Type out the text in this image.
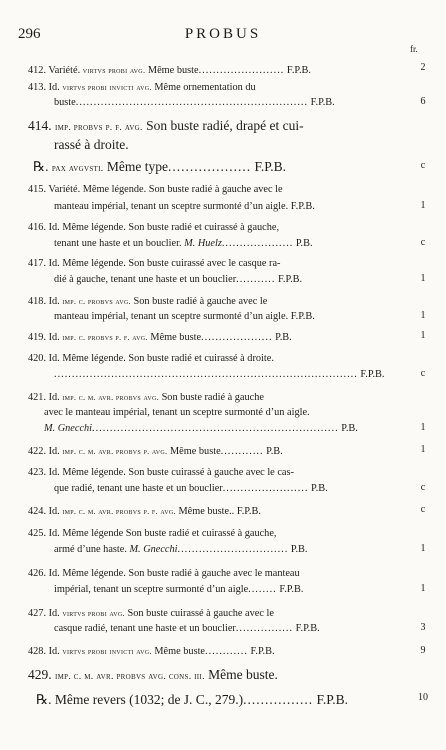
296	PROBUS
fr.
412. Variété. virtvs probi avg. Même buste........................ F.P.B.	2
413. Id. virtvs probi invicti avg. Même ornementation du
buste................................................................. F.P.B.	6
414. imp. probvs p. f. avg. Son buste radié, drapé et cui-
rassé à droite.
℞. pax avgvsti. Même type................... F.P.B.	c
415. Variété. Même légende. Son buste radié à gauche avec le
manteau impérial, tenant un sceptre surmonté d’un aigle. F.P.B.	1
416. Id. Même légende. Son buste radié et cuirassé à gauche,
tenant une haste et un bouclier. M. Huelz.................... P.B.	c
417. Id. Même légende. Son buste cuirassé avec le casque ra-
dié à gauche, tenant une haste et un bouclier........... F.P.B.	1
418. Id. imp. c. probvs avg. Son buste radié à gauche avec le
manteau impérial, tenant un sceptre surmonté d’un aigle. F.P.B.	1
419. Id. imp. c. probvs p. f. avg. Même buste.................... P.B.	1
420. Id. Même légende. Son buste radié et cuirassé à droite.
..................................................................................... F.P.B.	c
421. Id. imp. c. m. avr. probvs avg. Son buste radié à gauche
avec le manteau impérial, tenant un sceptre surmonté d’un aigle.
M. Gnecchi..................................................................... P.B.	1
422. Id. imp. c. m. avr. probvs p. avg. Même buste............ P.B.	1
423. Id. Même légende. Son buste cuirassé à gauche avec le cas-
que radié, tenant une haste et un bouclier........................ P.B.	c
424. Id. imp. c. m. avr. probvs p. f. avg. Même buste.. F.P.B.	c
425. Id. Même légende Son buste radié et cuirassé à gauche,
armé d’une haste. M. Gnecchi............................... P.B.	1
426. Id. Même légende. Son buste radié à gauche avec le manteau
impérial, tenant un sceptre surmonté d’un aigle........ F.P.B.	1
427. Id. virtvs probi avg. Son buste cuirassé à gauche avec le
casque radié, tenant une haste et un bouclier................ F.P.B.	3
428. Id. virtvs probi invicti avg. Même buste............ F.P.B.	9
429. imp. c. m. avr. probvs avg. cons. iii. Même buste.
℞. Même revers (1032; de J. C., 279.)................ F.P.B.	10
